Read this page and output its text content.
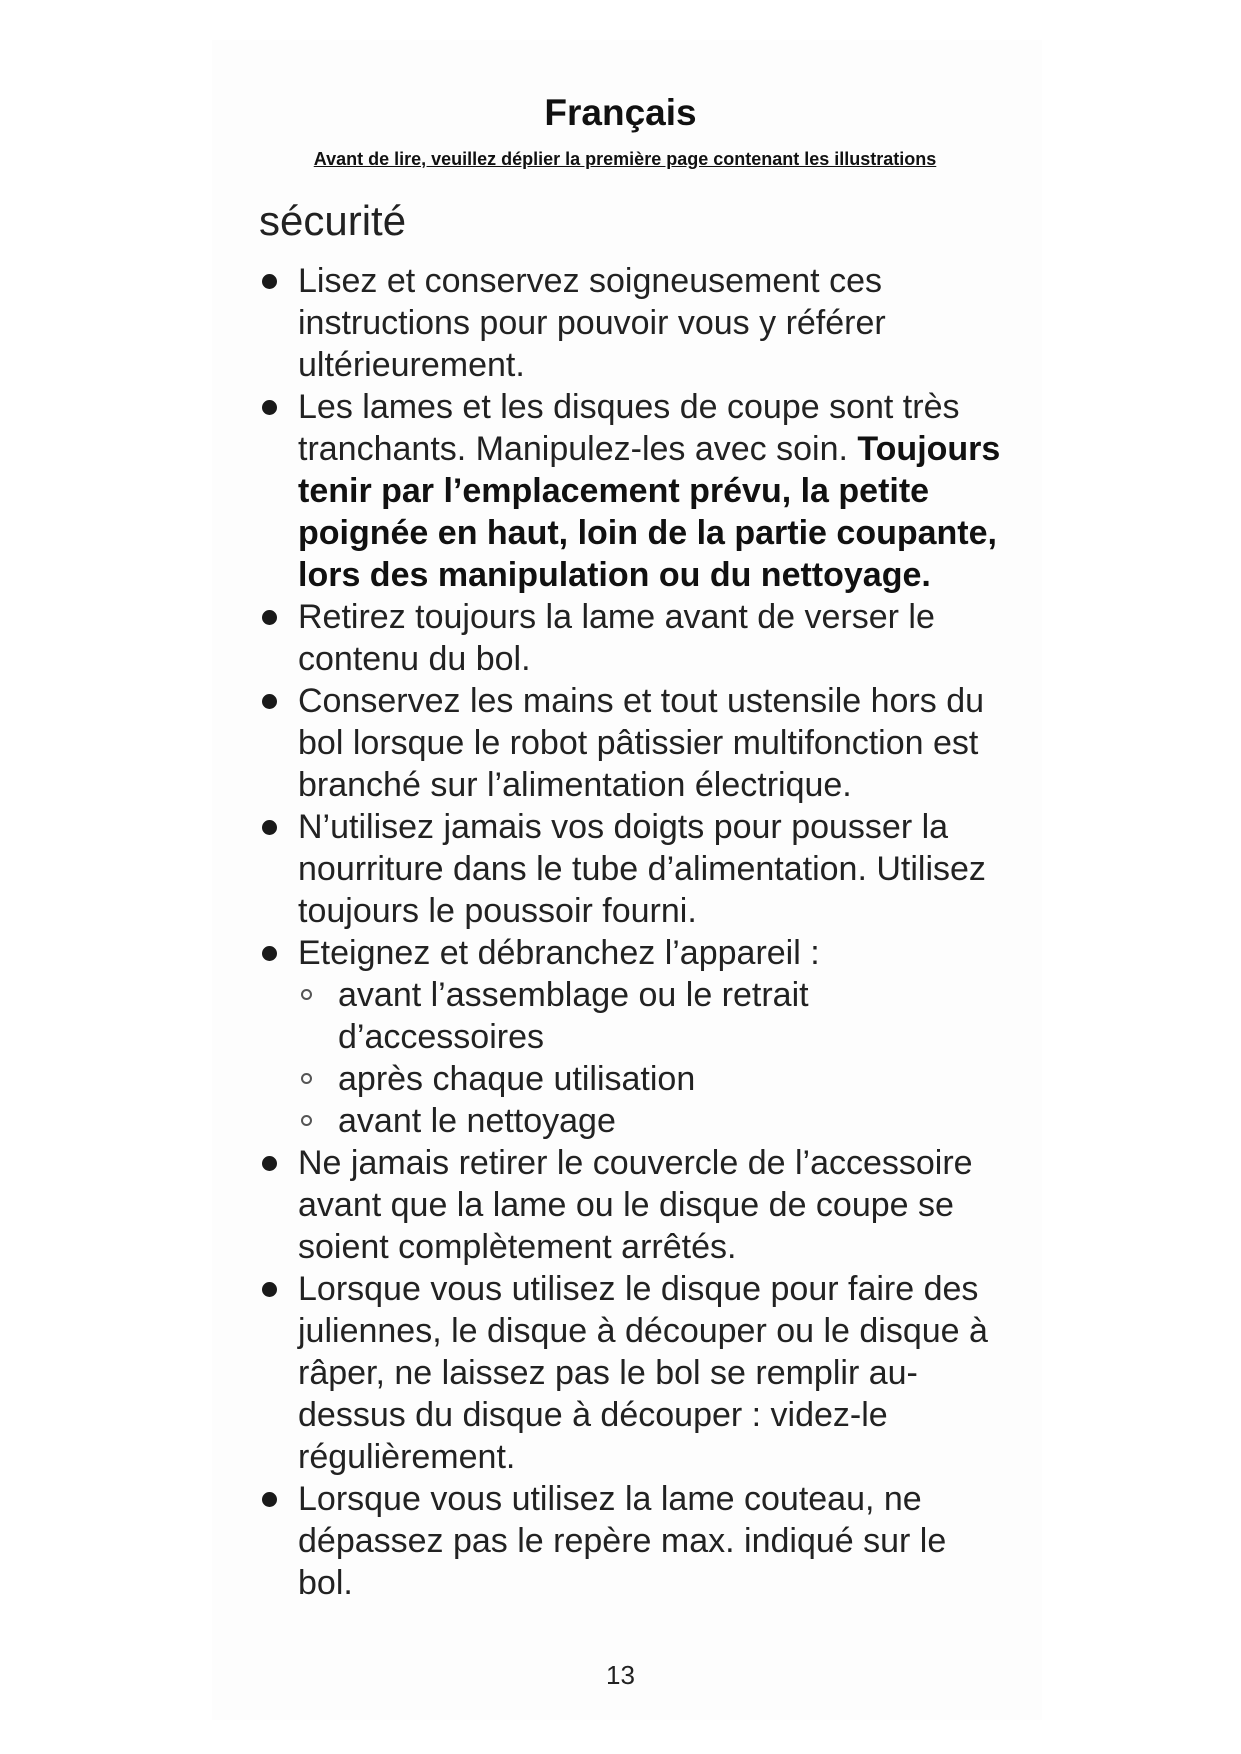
Français

Avant de lire, veuillez déplier la première page contenant les illustrations

sécurité
Lisez et conservez soigneusement ces instructions pour pouvoir vous y référer ultérieurement.
Les lames et les disques de coupe sont très tranchants. Manipulez-les avec soin. Toujours tenir par l’emplacement prévu, la petite poignée en haut, loin de la partie coupante, lors des manipulation ou du nettoyage.
Retirez toujours la lame avant de verser le contenu du bol.
Conservez les mains et tout ustensile hors du bol lorsque le robot pâtissier multifonction est branché sur l’alimentation électrique.
N’utilisez jamais vos doigts pour pousser la nourriture dans le tube d’alimentation. Utilisez toujours le poussoir fourni.
Eteignez et débranchez l’appareil :
avant l’assemblage ou le retrait d’accessoires
après chaque utilisation
avant le nettoyage
Ne jamais retirer le couvercle de l’accessoire avant que la lame ou le disque de coupe se soient complètement arrêtés.
Lorsque vous utilisez le disque pour faire des juliennes, le disque à découper ou le disque à râper, ne laissez pas le bol se remplir au-dessus du disque à découper : videz-le régulièrement.
Lorsque vous utilisez la lame couteau, ne dépassez pas le repère max. indiqué sur le bol.

13
